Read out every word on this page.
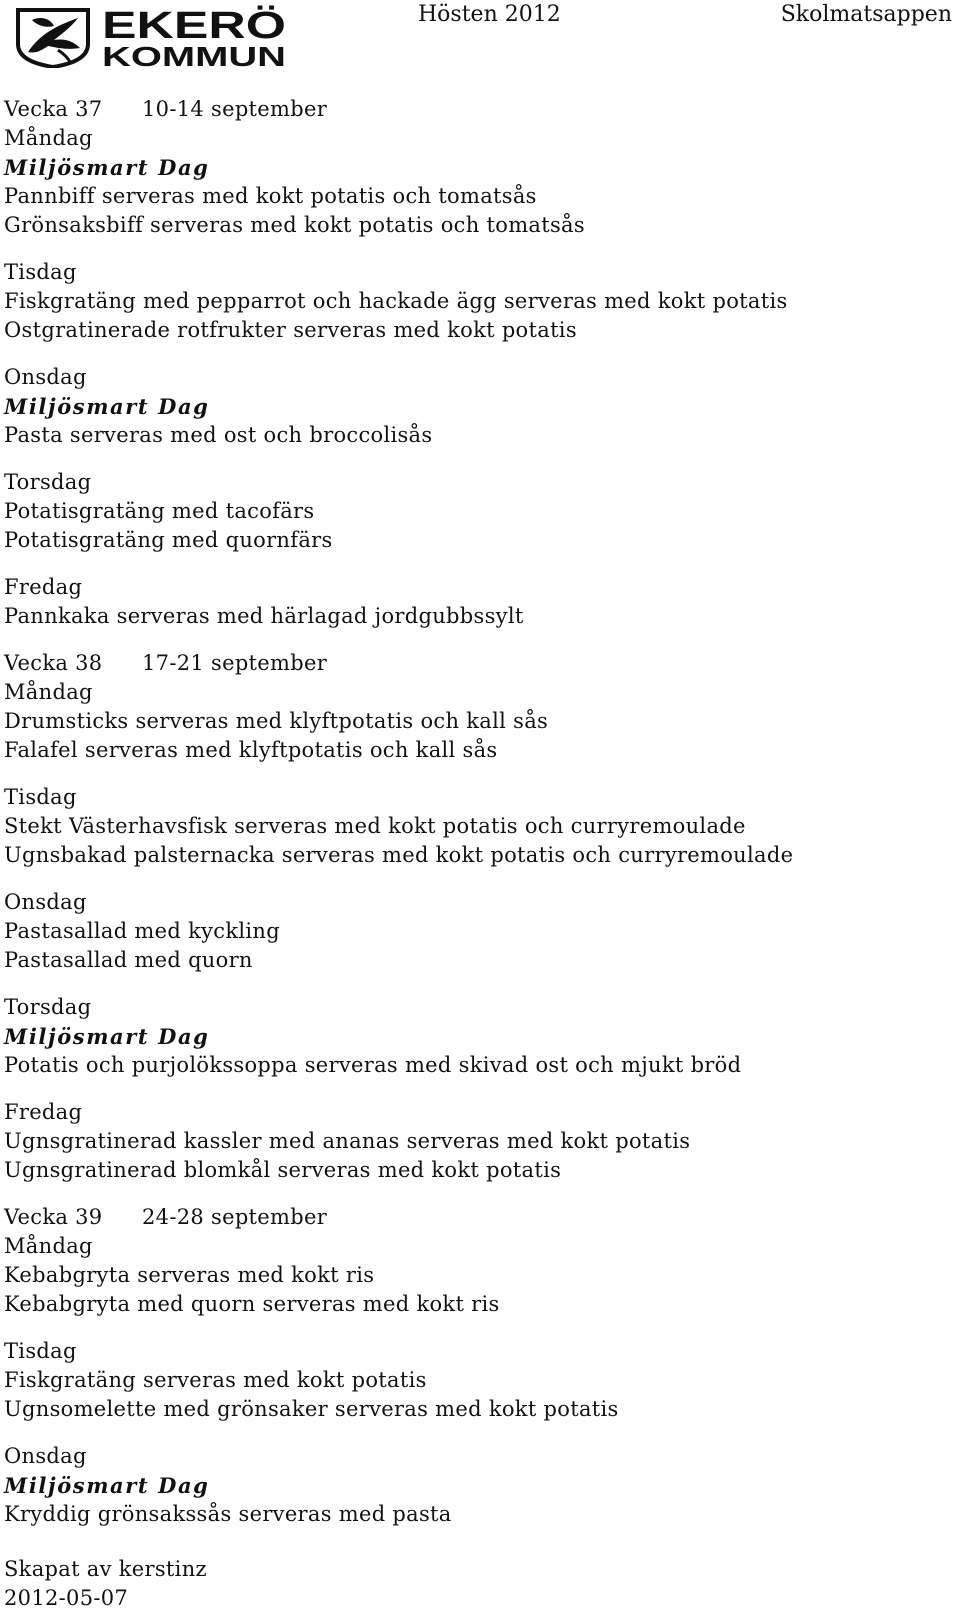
EKERÖ
KOMMUN
Hösten 2012	Skolmatsappen
Vecka 37	10-14 september
Måndag
Miljösmart Dag
Pannbiff serveras med kokt potatis och tomatsås
Grönsaksbiff serveras med kokt potatis och tomatsås
Tisdag
Fiskgratäng med pepparrot och hackade ägg serveras med kokt potatis
Ostgratinerade rotfrukter serveras med kokt potatis
Onsdag
Miljösmart Dag
Pasta serveras med ost och broccolisås
Torsdag
Potatisgratäng med tacofärs
Potatisgratäng med quornfärs
Fredag
Pannkaka serveras med härlagad jordgubbssylt
Vecka 38	17-21 september
Måndag
Drumsticks serveras med klyftpotatis och kall sås
Falafel serveras med klyftpotatis och kall sås
Tisdag
Stekt Västerhavsfisk serveras med kokt potatis och curryremoulade
Ugnsbakad palsternacka serveras med kokt potatis och curryremoulade
Onsdag
Pastasallad med kyckling
Pastasallad med quorn
Torsdag
Miljösmart Dag
Potatis och purjolökssoppa serveras med skivad ost och mjukt bröd
Fredag
Ugnsgratinerad kassler med ananas serveras med kokt potatis
Ugnsgratinerad blomkål serveras med kokt potatis
Vecka 39	24-28 september
Måndag
Kebabgryta serveras med kokt ris
Kebabgryta med quorn serveras med kokt ris
Tisdag
Fiskgratäng serveras med kokt potatis
Ugnsomelette med grönsaker serveras med kokt potatis
Onsdag
Miljösmart Dag
Kryddig grönsakssås serveras med pasta
Skapat av kerstinz
2012-05-07
